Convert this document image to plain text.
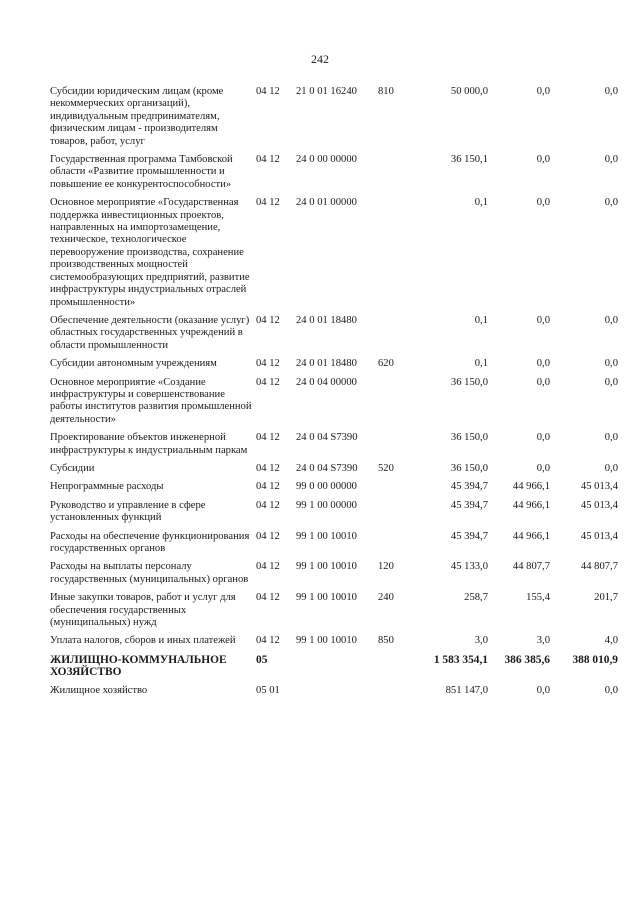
242
Субсидии юридическим лицам (кроме некоммерческих организаций), индивидуальным предпринимателям, физическим лицам - производителям товаров, работ, услуг	04 12	21 0 01 16240	810	50 000,0	0,0	0,0
Государственная программа Тамбовской области «Развитие промышленности и повышение ее конкурентоспособности»	04 12	24 0 00 00000		36 150,1	0,0	0,0
Основное мероприятие «Государственная поддержка инвестиционных проектов, направленных на импортозамещение, техническое, технологическое перевооружение производства, сохранение производственных мощностей системообразующих предприятий, развитие инфраструктуры индустриальных отраслей промышленности»	04 12	24 0 01 00000		0,1	0,0	0,0
Обеспечение деятельности (оказание услуг) областных государственных учреждений в области промышленности	04 12	24 0 01 18480		0,1	0,0	0,0
Субсидии автономным учреждениям	04 12	24 0 01 18480	620	0,1	0,0	0,0
Основное мероприятие «Создание инфраструктуры и совершенствование работы институтов развития промышленной деятельности»	04 12	24 0 04 00000		36 150,0	0,0	0,0
Проектирование объектов инженерной инфраструктуры к индустриальным паркам	04 12	24 0 04 S7390		36 150,0	0,0	0,0
Субсидии	04 12	24 0 04 S7390	520	36 150,0	0,0	0,0
Непрограммные расходы	04 12	99 0 00 00000		45 394,7	44 966,1	45 013,4
Руководство и управление в сфере установленных функций	04 12	99 1 00 00000		45 394,7	44 966,1	45 013,4
Расходы на обеспечение функционирования государственных органов	04 12	99 1 00 10010		45 394,7	44 966,1	45 013,4
Расходы на выплаты персоналу государственных (муниципальных) органов	04 12	99 1 00 10010	120	45 133,0	44 807,7	44 807,7
Иные закупки товаров, работ и услуг для обеспечения государственных (муниципальных) нужд	04 12	99 1 00 10010	240	258,7	155,4	201,7
Уплата налогов, сборов и иных платежей	04 12	99 1 00 10010	850	3,0	3,0	4,0
ЖИЛИЩНО-КОММУНАЛЬНОЕ ХОЗЯЙСТВО	05			1 583 354,1	386 385,6	388 010,9
Жилищное хозяйство	05 01			851 147,0	0,0	0,0
